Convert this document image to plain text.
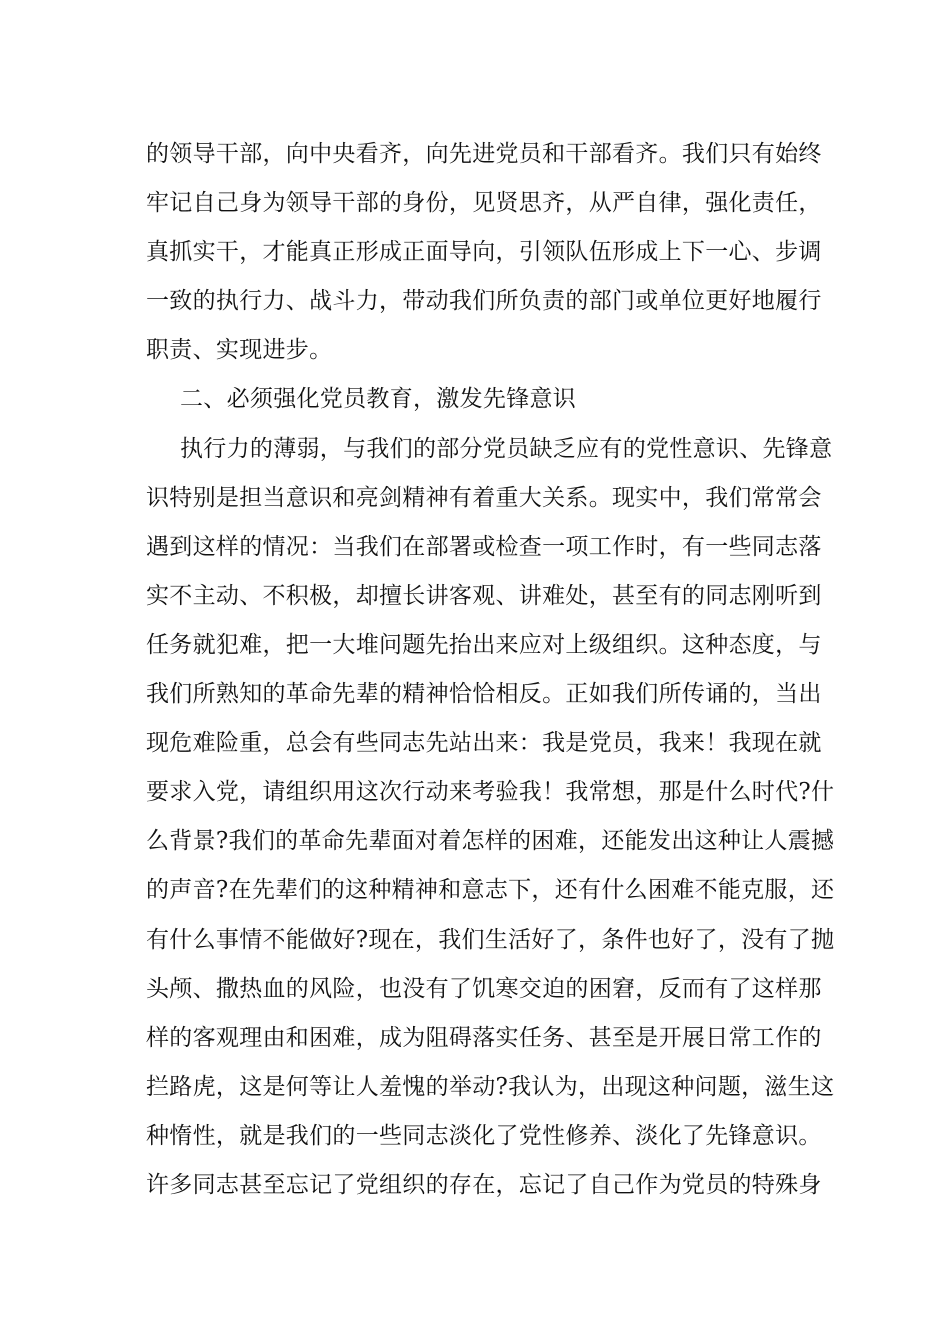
的领导干部，向中央看齐，向先进党员和干部看齐。我们只有始终
牢记自己身为领导干部的身份，见贤思齐，从严自律，强化责任，
真抓实干，才能真正形成正面导向，引领队伍形成上下一心、步调
一致的执行力、战斗力，带动我们所负责的部门或单位更好地履行
职责、实现进步。
二、必须强化党员教育，激发先锋意识
执行力的薄弱，与我们的部分党员缺乏应有的党性意识、先锋意
识特别是担当意识和亮剑精神有着重大关系。现实中，我们常常会
遇到这样的情况：当我们在部署或检查一项工作时，有一些同志落
实不主动、不积极，却擅长讲客观、讲难处，甚至有的同志刚听到
任务就犯难，把一大堆问题先抬出来应对上级组织。这种态度，与
我们所熟知的革命先辈的精神恰恰相反。正如我们所传诵的，当出
现危难险重，总会有些同志先站出来：我是党员，我来！我现在就
要求入党，请组织用这次行动来考验我！我常想，那是什么时代?什
么背景?我们的革命先辈面对着怎样的困难，还能发出这种让人震撼
的声音?在先辈们的这种精神和意志下，还有什么困难不能克服，还
有什么事情不能做好?现在，我们生活好了，条件也好了，没有了抛
头颅、撒热血的风险，也没有了饥寒交迫的困窘，反而有了这样那
样的客观理由和困难，成为阻碍落实任务、甚至是开展日常工作的
拦路虎，这是何等让人羞愧的举动?我认为，出现这种问题，滋生这
种惰性，就是我们的一些同志淡化了党性修养、淡化了先锋意识。
许多同志甚至忘记了党组织的存在，忘记了自己作为党员的特殊身
